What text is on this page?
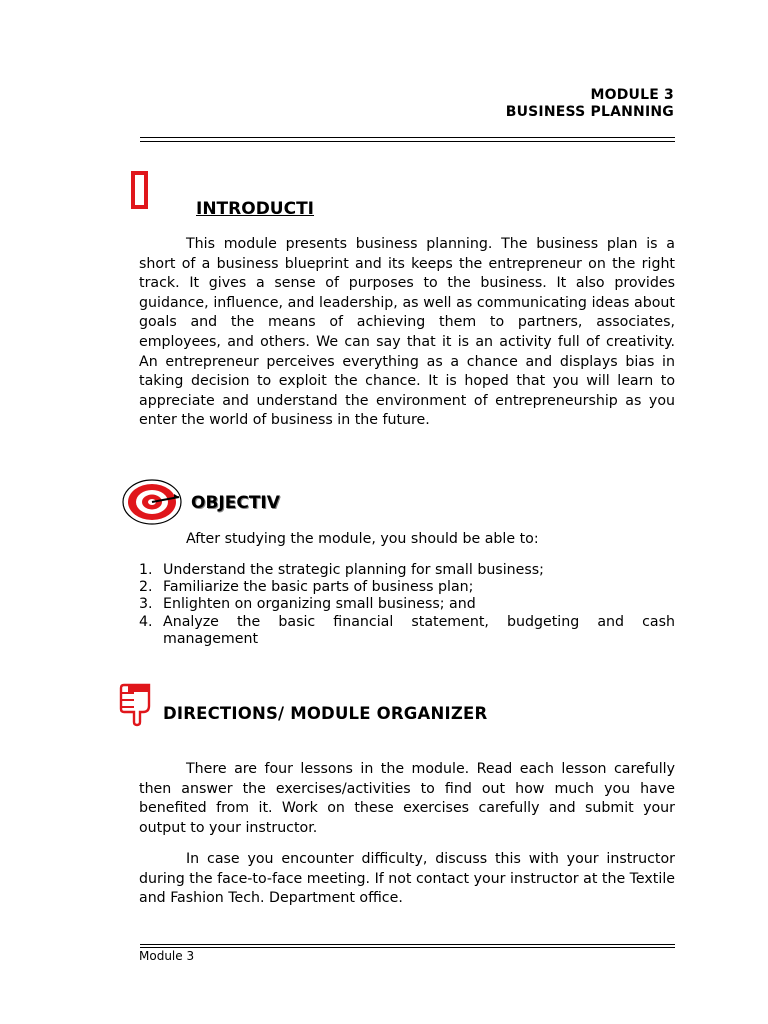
MODULE 3
BUSINESS PLANNING
INTRODUCTI

This module presents business planning. The business plan is a short of a business blueprint and its keeps the entrepreneur on the right track. It gives a sense of purposes to the business. It also provides guidance, influence, and leadership, as well as communicating ideas about goals and the means of achieving them to partners, associates, employees, and others. We can say that it is an activity full of creativity. An entrepreneur perceives everything as a chance and displays bias in taking decision to exploit the chance. It is hoped that you will learn to appreciate and understand the environment of entrepreneurship as you enter the world of business in the future.

OBJECTIV

After studying the module, you should be able to:

1. Understand the strategic planning for small business;
2. Familiarize the basic parts of business plan;
3. Enlighten on organizing small business; and
4. Analyze the basic financial statement, budgeting and cash management
DIRECTIONS/ MODULE ORGANIZER

There are four lessons in the module. Read each lesson carefully then answer the exercises/activities to find out how much you have benefited from it. Work on these exercises carefully and submit your output to your instructor.

In case you encounter difficulty, discuss this with your instructor during the face-to-face meeting. If not contact your instructor at the Textile and Fashion Tech. Department office.

Module 3
